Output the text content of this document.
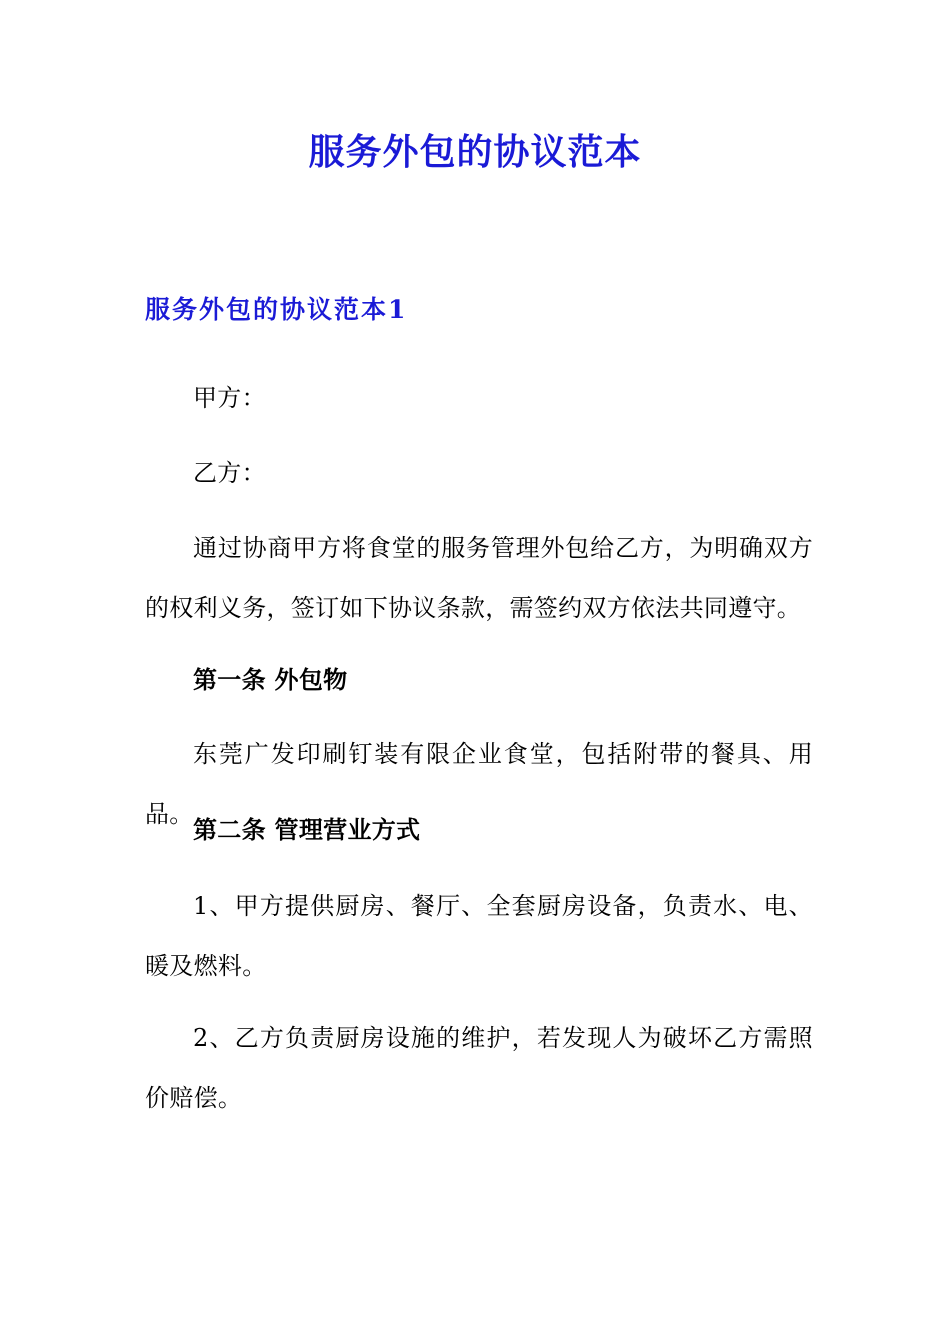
服务外包的协议范本
服务外包的协议范本1

甲方：

乙方：

通过协商甲方将食堂的服务管理外包给乙方，为明确双方的权利义务，签订如下协议条款，需签约双方依法共同遵守。

第一条 外包物

东莞广发印刷钉装有限企业食堂，包括附带的餐具、用品。

第二条 管理营业方式

1、甲方提供厨房、餐厅、全套厨房设备，负责水、电、暖及燃料。

2、乙方负责厨房设施的维护，若发现人为破坏乙方需照价赔偿。
